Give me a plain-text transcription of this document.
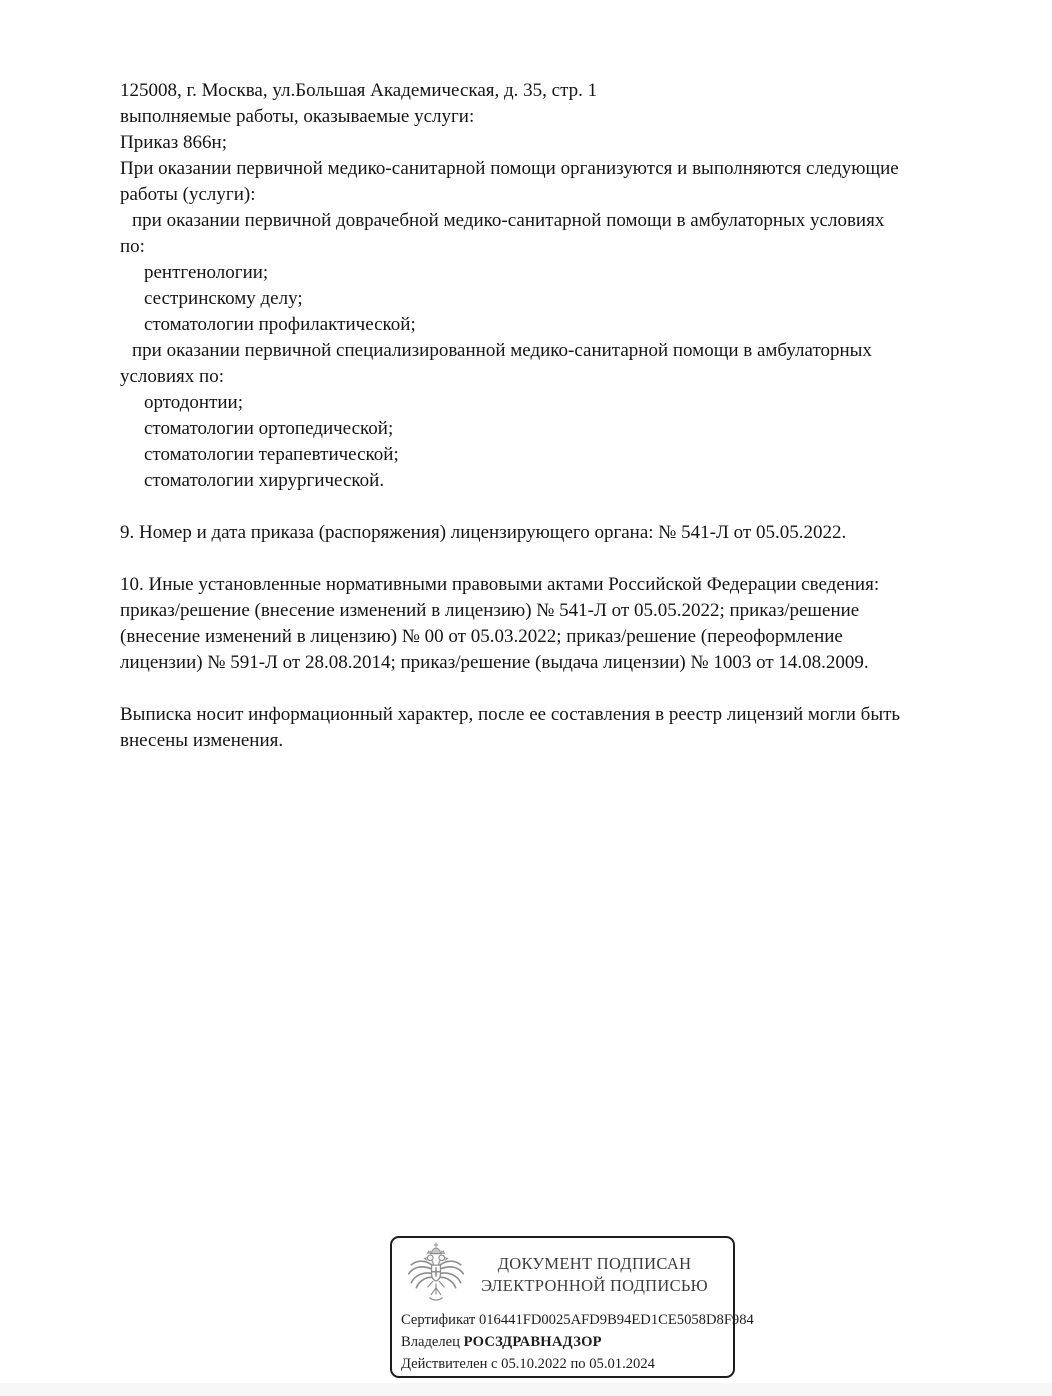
125008, г. Москва, ул.Большая Академическая, д. 35, стр. 1
выполняемые работы, оказываемые услуги:
Приказ 866н;
При оказании первичной медико-санитарной помощи организуются и выполняются следующие
работы (услуги):
при оказании первичной доврачебной медико-санитарной помощи в амбулаторных условиях
по:
рентгенологии;
сестринскому делу;
стоматологии профилактической;
при оказании первичной специализированной медико-санитарной помощи в амбулаторных
условиях по:
ортодонтии;
стоматологии ортопедической;
стоматологии терапевтической;
стоматологии хирургической.

9. Номер и дата приказа (распоряжения) лицензирующего органа: № 541-Л от 05.05.2022.

10. Иные установленные нормативными правовыми актами Российской Федерации сведения:
приказ/решение (внесение изменений в лицензию) № 541-Л от 05.05.2022; приказ/решение
(внесение изменений в лицензию) № 00 от 05.03.2022; приказ/решение (переоформление
лицензии) № 591-Л от 28.08.2014; приказ/решение (выдача лицензии) № 1003 от 14.08.2009.

Выписка носит информационный характер, после ее составления в реестр лицензий могли быть
внесены изменения.
ДОКУМЕНТ ПОДПИСАН
ЭЛЕКТРОННОЙ ПОДПИСЬЮ
Сертификат 016441FD0025AFD9B94ED1CE5058D8F984
Владелец РОСЗДРАВНАДЗОР
Действителен с 05.10.2022 по 05.01.2024
